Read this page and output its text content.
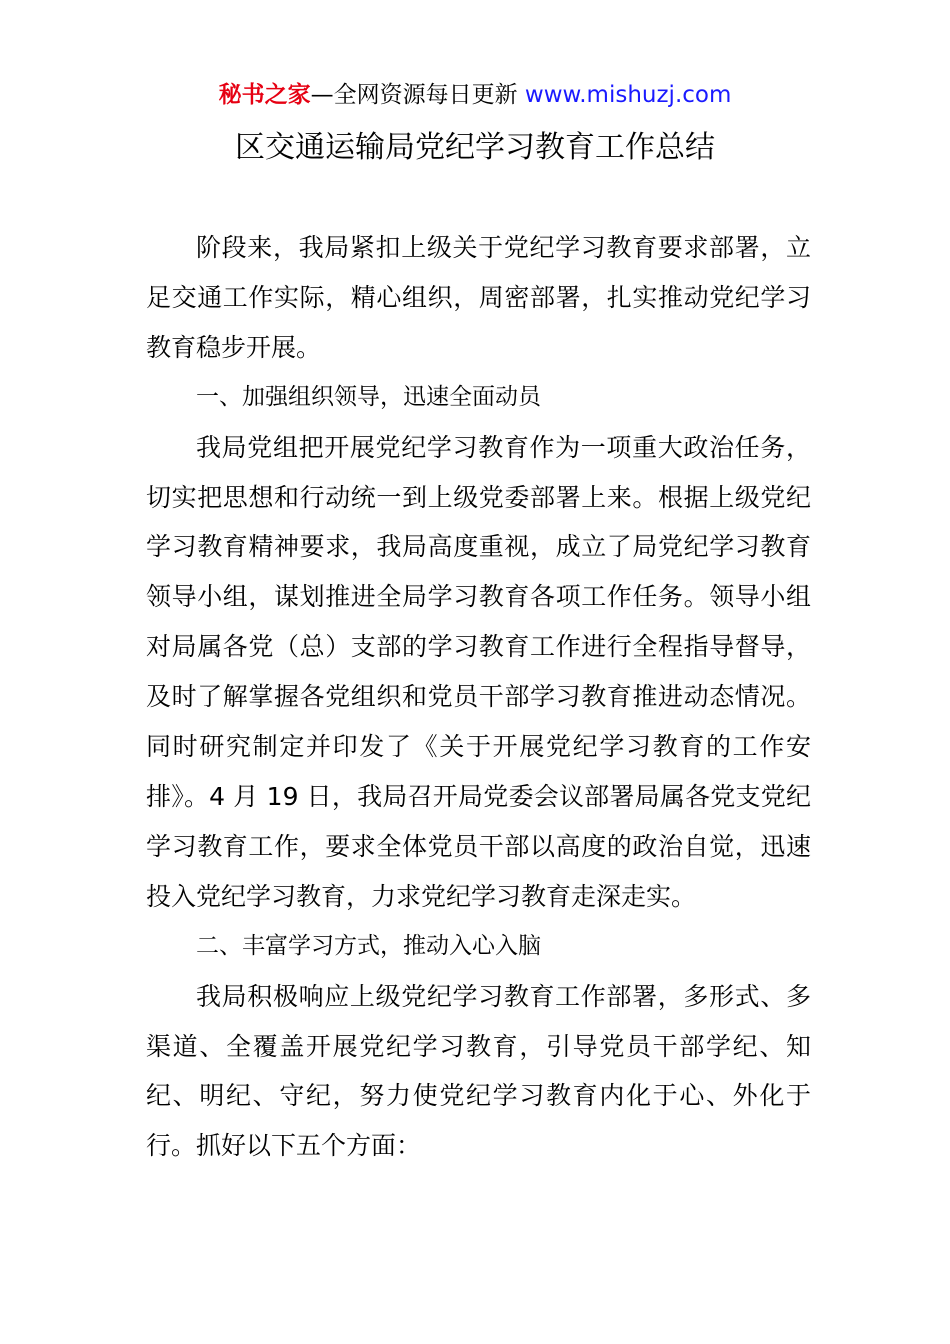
秘书之家—全网资源每日更新 www.mishuzj.com
区交通运输局党纪学习教育工作总结

阶段来，我局紧扣上级关于党纪学习教育要求部署，立足交通工作实际，精心组织，周密部署，扎实推动党纪学习教育稳步开展。

一、加强组织领导，迅速全面动员

我局党组把开展党纪学习教育作为一项重大政治任务，切实把思想和行动统一到上级党委部署上来。根据上级党纪学习教育精神要求，我局高度重视，成立了局党纪学习教育领导小组，谋划推进全局学习教育各项工作任务。领导小组对局属各党（总）支部的学习教育工作进行全程指导督导，及时了解掌握各党组织和党员干部学习教育推进动态情况。同时研究制定并印发了《关于开展党纪学习教育的工作安排》。4 月 19 日，我局召开局党委会议部署局属各党支党纪学习教育工作，要求全体党员干部以高度的政治自觉，迅速投入党纪学习教育，力求党纪学习教育走深走实。

二、丰富学习方式，推动入心入脑

我局积极响应上级党纪学习教育工作部署，多形式、多渠道、全覆盖开展党纪学习教育，引导党员干部学纪、知纪、明纪、守纪，努力使党纪学习教育内化于心、外化于行。抓好以下五个方面：
